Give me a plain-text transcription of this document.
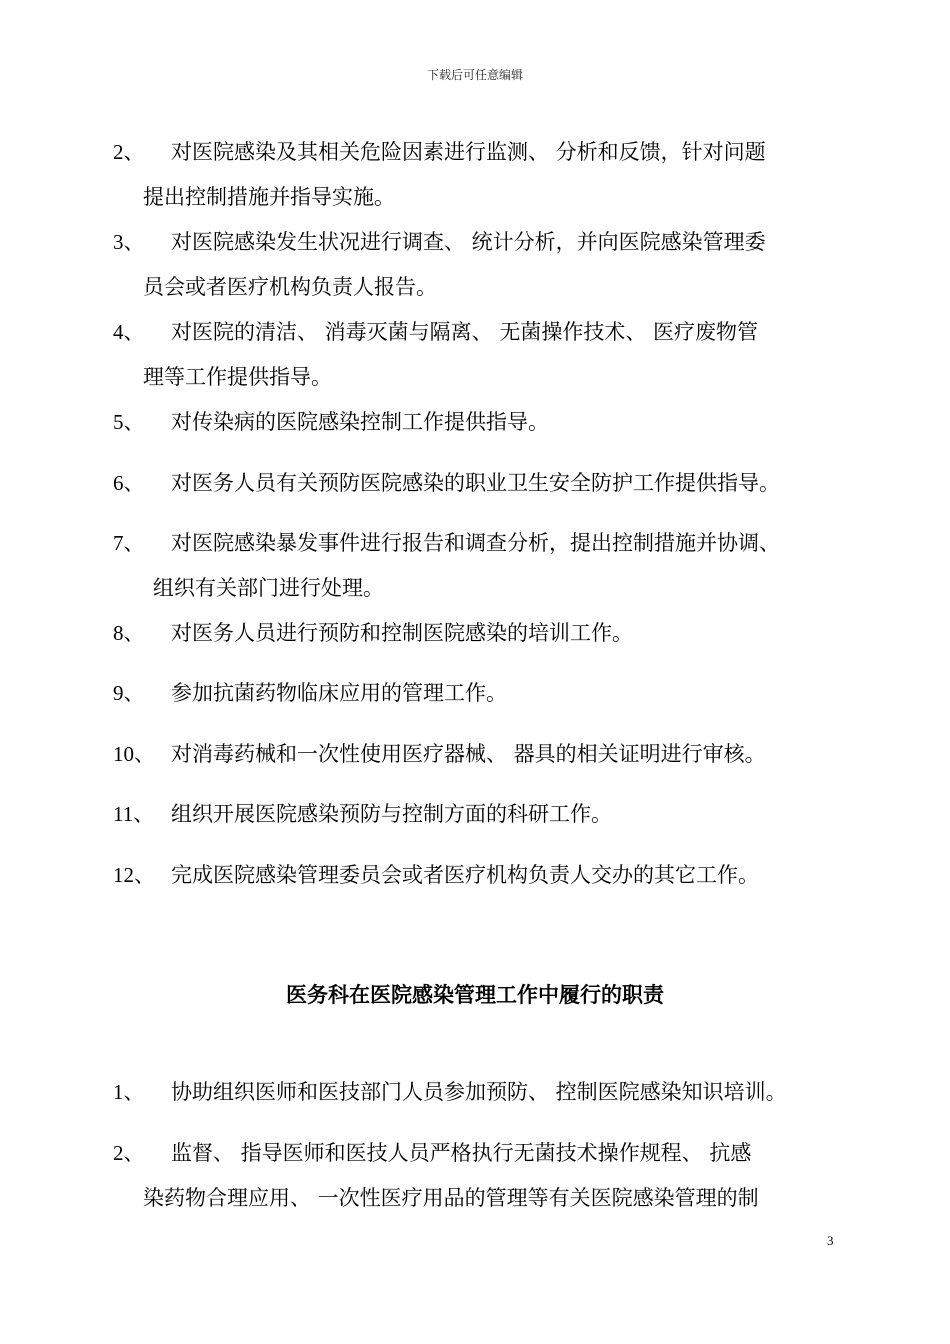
下载后可任意编辑
2、	对医院感染及其相关危险因素进行监测、 分析和反馈，针对问题
提出控制措施并指导实施。
3、	对医院感染发生状况进行调查、 统计分析，并向医院感染管理委
员会或者医疗机构负责人报告。
4、	对医院的清洁、 消毒灭菌与隔离、 无菌操作技术、 医疗废物管
理等工作提供指导。
5、	对传染病的医院感染控制工作提供指导。
6、	对医务人员有关预防医院感染的职业卫生安全防护工作提供指导。
7、	对医院感染暴发事件进行报告和调查分析，提出控制措施并协调、
组织有关部门进行处理。
8、	对医务人员进行预防和控制医院感染的培训工作。
9、	参加抗菌药物临床应用的管理工作。
10、 对消毒药械和一次性使用医疗器械、 器具的相关证明进行审核。
11、 组织开展医院感染预防与控制方面的科研工作。
12、 完成医院感染管理委员会或者医疗机构负责人交办的其它工作。
医务科在医院感染管理工作中履行的职责
1、	协助组织医师和医技部门人员参加预防、 控制医院感染知识培训。
2、	监督、 指导医师和医技人员严格执行无菌技术操作规程、 抗感
染药物合理应用、 一次性医疗用品的管理等有关医院感染管理的制
3
